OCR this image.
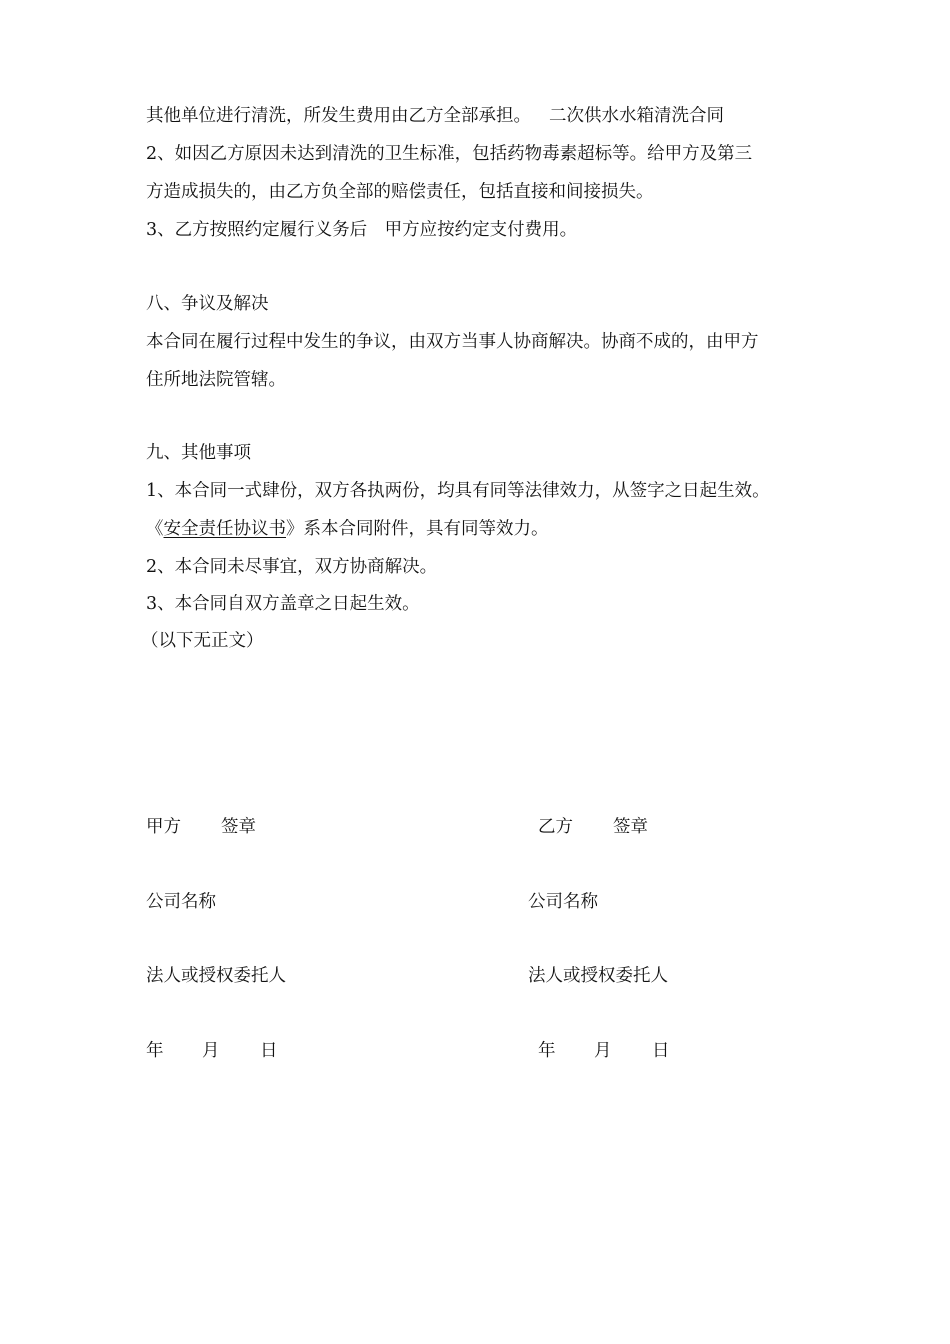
其他单位进行清洗，所发生费用由乙方全部承担。 二次供水水箱清洗合同
2、如因乙方原因未达到清洗的卫生标准，包括药物毒素超标等。给甲方及第三
方造成损失的，由乙方负全部的赔偿责任，包括直接和间接损失。
3、乙方按照约定履行义务后　甲方应按约定支付费用。
八、争议及解决
本合同在履行过程中发生的争议，由双方当事人协商解决。协商不成的，由甲方
住所地法院管辖。
九、其他事项
1、本合同一式肆份，双方各执两份，均具有同等法律效力，从签字之日起生效。
《安全责任协议书》系本合同附件，具有同等效力。
2、本合同未尽事宜，双方协商解决。
3、本合同自双方盖章之日起生效。
（以下无正文）
甲方 签章
公司名称
法人或授权委托人
年 月 日
乙方 签章
公司名称
法人或授权委托人
年 月 日
